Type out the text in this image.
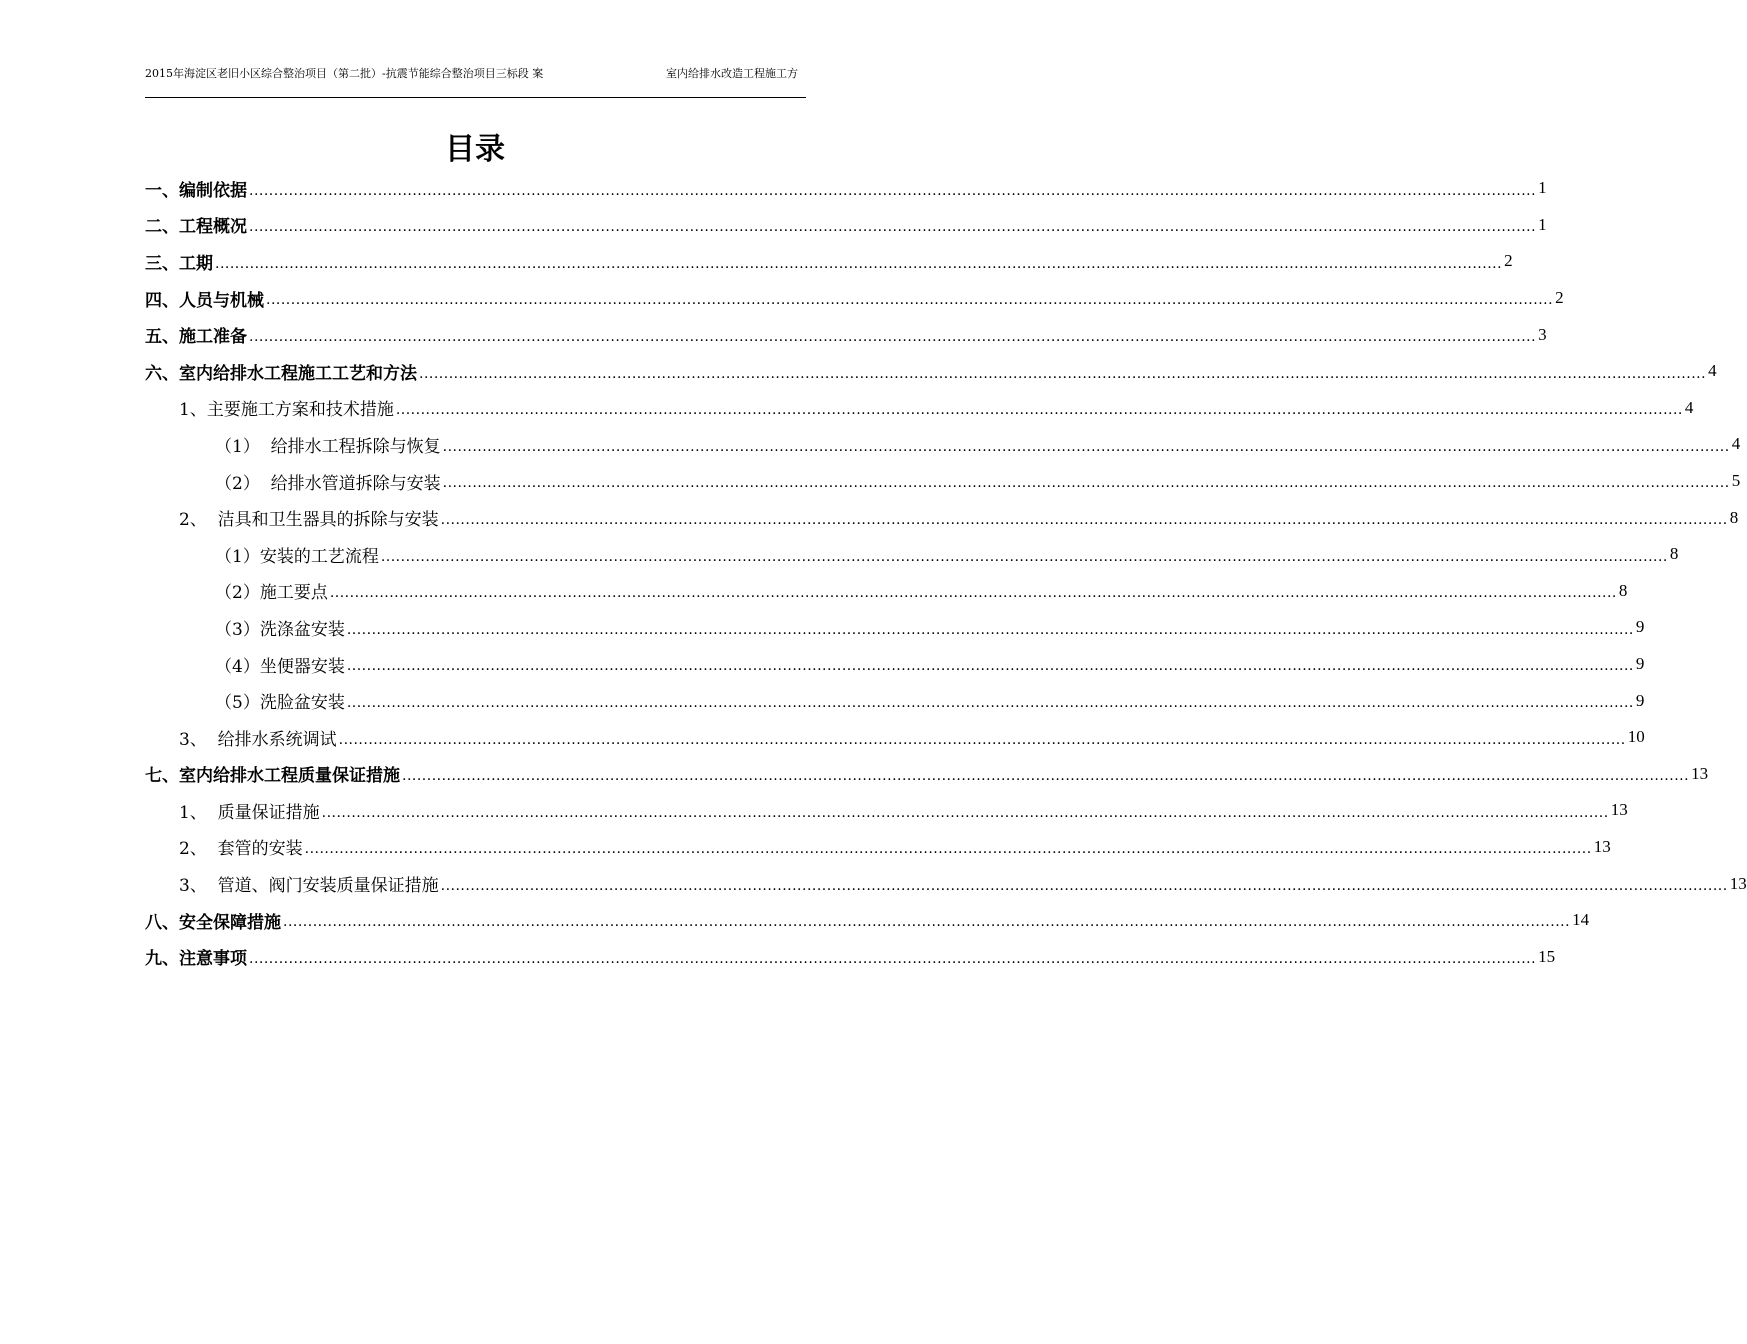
2015年海淀区老旧小区综合整治项目（第二批）-抗震节能综合整治项目三标段 案	室内给排水改造工程施工方
目录
一、编制依据 .................................................................................................................................................................................................................................................................... 1
二、工程概况 .................................................................................................................................................................................................................................................................... 1
三、工期 .................................................................................................................................................................................................................................................................... 2
四、人员与机械 .................................................................................................................................................................................................................................................................... 2
五、施工准备 .................................................................................................................................................................................................................................................................... 3
六、室内给排水工程施工工艺和方法 .................................................................................................................................................................................................................................................................... 4
1、主要施工方案和技术措施 .................................................................................................................................................................................................................................................................... 4
（1）  给排水工程拆除与恢复 .................................................................................................................................................................................................................................................................... 4
（2）  给排水管道拆除与安装 .................................................................................................................................................................................................................................................................... 5
2、  洁具和卫生器具的拆除与安装 .................................................................................................................................................................................................................................................................... 8
（1）安装的工艺流程 .................................................................................................................................................................................................................................................................... 8
（2）施工要点 .................................................................................................................................................................................................................................................................... 8
（3）洗涤盆安装 .................................................................................................................................................................................................................................................................... 9
（4）坐便器安装 .................................................................................................................................................................................................................................................................... 9
（5）洗脸盆安装 .................................................................................................................................................................................................................................................................... 9
3、  给排水系统调试 .................................................................................................................................................................................................................................................................... 10
七、室内给排水工程质量保证措施 .................................................................................................................................................................................................................................................................... 13
1、  质量保证措施 .................................................................................................................................................................................................................................................................... 13
2、  套管的安装 .................................................................................................................................................................................................................................................................... 13
3、  管道、阀门安装质量保证措施 .................................................................................................................................................................................................................................................................... 13
八、安全保障措施 .................................................................................................................................................................................................................................................................... 14
九、注意事项 .................................................................................................................................................................................................................................................................... 15
